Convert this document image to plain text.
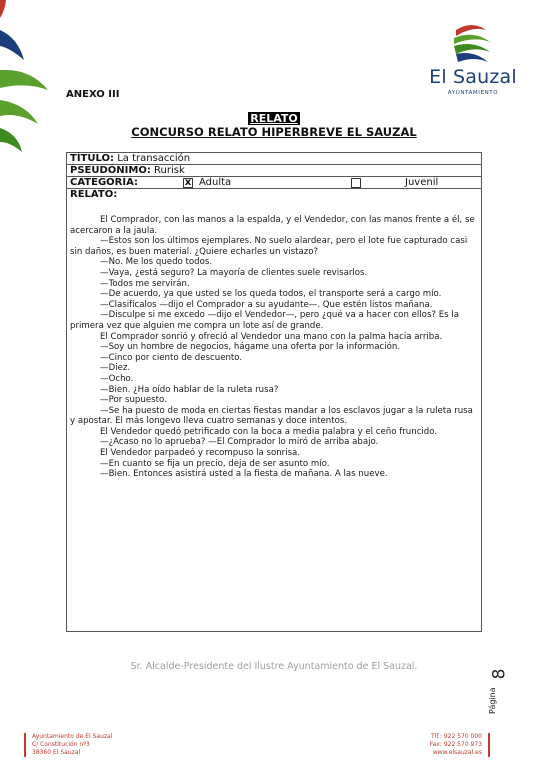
El Sauzal
AYUNTAMIENTO
ANEXO III
RELATO
CONCURSO RELATO HIPERBREVE EL SAUZAL
TÍTULO: La transacción
PSEUDÓNIMO: Rurisk
CATEGORÍA:	x Adulta	Juvenil
RELATO:

El Comprador, con las manos a la espalda, y el Vendedor, con las manos frente a él, se acercaron a la jaula.

—Estos son los últimos ejemplares. No suelo alardear, pero el lote fue capturado casi sin daños, es buen material. ¿Quiere echarles un vistazo?

—No. Me los quedo todos.

—Vaya, ¿está seguro? La mayoría de clientes suele revisarlos.

—Todos me servirán.

—De acuerdo, ya que usted se los queda todos, el transporte será a cargo mío.

—Clasifícalos —dijo el Comprador a su ayudante—. Que estén listos mañana.

—Disculpe si me excedo —dijo el Vendedor—, pero ¿qué va a hacer con ellos? Es la primera vez que alguien me compra un lote así de grande.

El Comprador sonrió y ofreció al Vendedor una mano con la palma hacia arriba.

—Soy un hombre de negocios, hágame una oferta por la información.

—Cinco por ciento de descuento.

—Diez.

—Ocho.

—Bien. ¿Ha oído hablar de la ruleta rusa?

—Por supuesto.

—Se ha puesto de moda en ciertas fiestas mandar a los esclavos jugar a la ruleta rusa y apostar. El más longevo lleva cuatro semanas y doce intentos.

El Vendedor quedó petrificado con la boca a media palabra y el ceño fruncido.

—¿Acaso no lo aprueba? —El Comprador lo miró de arriba abajo.

El Vendedor parpadeó y recompuso la sonrisa.

—En cuanto se fija un precio, deja de ser asunto mío.

—Bien. Entonces asistirá usted a la fiesta de mañana. A las nueve.

Sr. Alcalde-Presidente del Ilustre Ayuntamiento de El Sauzal.
8
Página
Ayuntamiento de El Sauzal
C/ Constitución nº3
38360 El Sauzal
Tlf.: 922 570 000
Fax: 922 570 973
www.elsauzal.es
